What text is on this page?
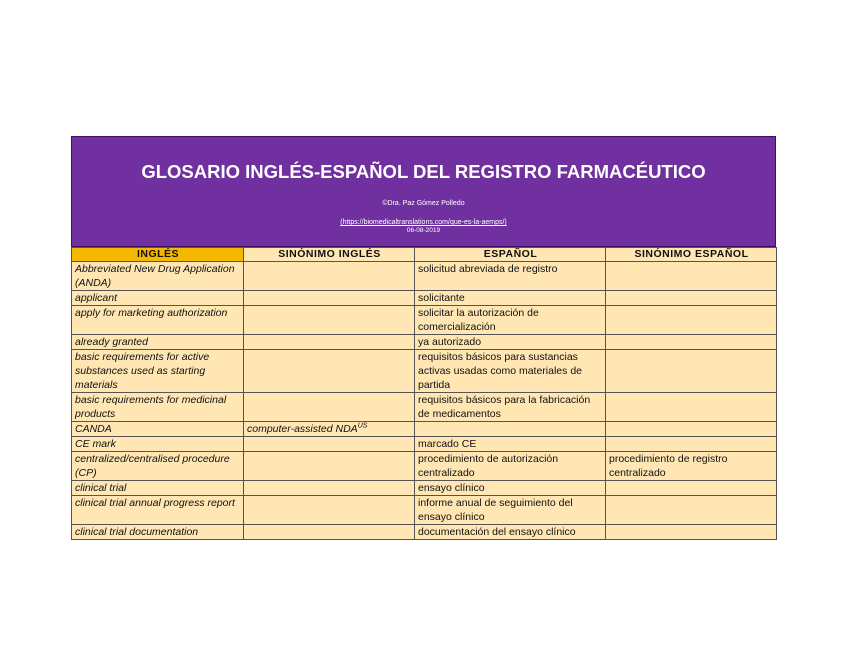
GLOSARIO INGLÉS-ESPAÑOL DEL REGISTRO FARMACÉUTICO
©Dra. Paz Gómez Polledo
(https://biomedicaltranslations.com/que-es-la-aemps/)
06-08-2019
INGLÉS	SINÓNIMO INGLÉS	ESPAÑOL	SINÓNIMO ESPAÑOL
Abbreviated New Drug Application (ANDA)		solicitud abreviada de registro	
applicant		solicitante	
apply for marketing authorization		solicitar la autorización de comercialización	
already granted		ya autorizado	
basic requirements for active substances used as starting materials		requisitos básicos para sustancias activas usadas como materiales de partida	
basic requirements for medicinal products		requisitos básicos para la fabricación de medicamentos	
CANDA	computer-assisted $NDA^{US}$		
CE mark		marcado CE	
centralized/centralised procedure (CP)		procedimiento de autorización centralizado	procedimiento de registro centralizado
clinical trial		ensayo clínico	
clinical trial annual progress report		informe anual de seguimiento del ensayo clínico	
clinical trial documentation		documentación del ensayo clínico	
